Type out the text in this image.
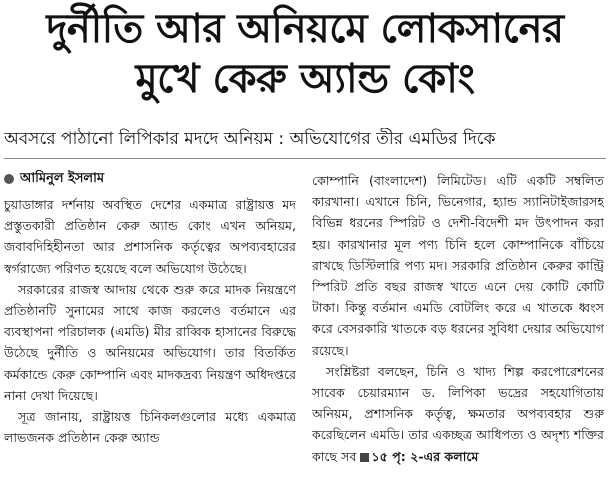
দুর্নীতি আর অনিয়মে লোকসানের
মুখে কেরু অ্যান্ড কোং
অবসরে পাঠানো লিপিকার মদদে অনিয়ম : অভিযোগের তীর এমডির দিকে
আমিনুল ইসলাম

চুয়াডাঙ্গার দর্শনায় অবস্থিত দেশের একমাত্র রাষ্ট্রায়ত্ত মদ প্রস্তুতকারী প্রতিষ্ঠান কেরু অ্যান্ড কোং এখন অনিয়ম, জবাবদিহিহীনতা আর প্রশাসনিক কর্তৃত্বের অপব্যবহারের স্বর্গরাজ্যে পরিণত হয়েছে বলে অভিযোগ উঠেছে।

সরকারের রাজস্ব আদায় থেকে শুরু করে মাদক নিয়ন্ত্রণে প্রতিষ্ঠানটি সুনামের সাথে কাজ করলেও বর্তমানে এর ব্যবস্থাপনা পরিচালক (এমডি) মীর রাব্বিক হাসানের বিরুদ্ধে উঠেছে দুর্নীতি ও অনিয়মের অভিযোগ। তার বিতর্কিত কর্মকান্ডে কেরু কোম্পানি এবং মাদকদ্রব্য নিয়ন্ত্রণ অধিদপ্তরে নানা দেখা দিয়েছে।

সূত্র জানায়, রাষ্ট্রায়ত্ত চিনিকলগুলোর মধ্যে একমাত্র লাভজনক প্রতিষ্ঠান কেরু অ্যান্ড

কোম্পানি (বাংলাদেশ) লিমিটেড। এটি একটি সম্বলিত কারখানা। এখানে চিনি, ভিনেগার, হ্যান্ড স্যানিটাইজারসহ বিভিন্ন ধরনের স্পিরিট ও দেশী-বিদেশী মদ উৎপাদন করা হয়। কারখানার মূল পণ্য চিনি হলে কোম্পানিকে বাঁচিয়ে রাখছে ডিস্টিলারি পণ্য মদ। সরকারি প্রতিষ্ঠান কেরুর কান্ট্রি স্পিরিট প্রতি বছর রাজস্ব খাতে এনে দেয় কোটি কোটি টাকা। কিন্তু বর্তমান এমডি বোটলিং করে এ খাতকে ধ্বংস করে বেসরকারি খাতকে বড় ধরনের সুবিধা দেয়ার অভিযোগ রয়েছে।

সংশ্লিষ্টরা বলছেন, চিনি ও খাদ্য শিল্প করপোরেশনের সাবেক চেয়ারম্যান ড. লিপিকা ভদ্রের সহযোগিতায় অনিয়ম, প্রশাসনিক কর্তৃত্ব, ক্ষমতার অপব্যবহার শুরু করেছিলেন এমডি। তার একচ্ছত্র আধিপত্য ও অদৃশ্য শক্তির কাছে সব ১৫ পৃ: ২-এর কলামে
